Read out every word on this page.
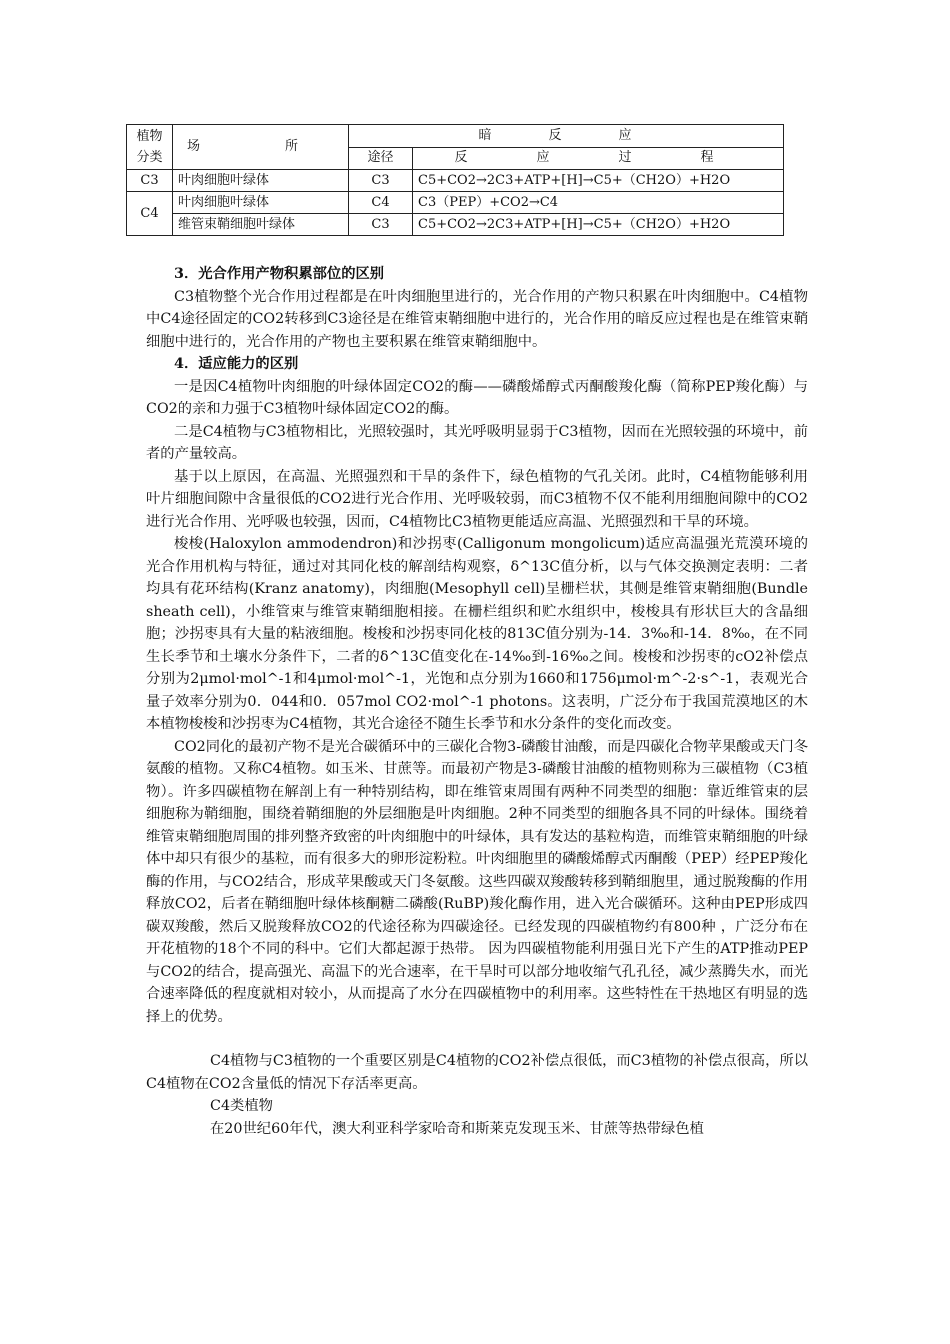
植物分类	场　所	暗　反　应	
		途径	反　应　过　程
C3	叶肉细胞叶绿体	C3	C5+CO2→2C3+ATP+[H]→C5+（CH2O）+H2O
C4	叶肉细胞叶绿体	C4	C3（PEP）+CO2→C4
	维管束鞘细胞叶绿体	C3	C5+CO2→2C3+ATP+[H]→C5+（CH2O）+H2O
3．光合作用产物积累部位的区别

C3植物整个光合作用过程都是在叶肉细胞里进行的，光合作用的产物只积累在叶肉细胞中。C4植物中C4途径固定的CO2转移到C3途径是在维管束鞘细胞中进行的，光合作用的暗反应过程也是在维管束鞘细胞中进行的，光合作用的产物也主要积累在维管束鞘细胞中。

4．适应能力的区别

一是因C4植物叶肉细胞的叶绿体固定CO2的酶——磷酸烯醇式丙酮酸羧化酶（简称PEP羧化酶）与CO2的亲和力强于C3植物叶绿体固定CO2的酶。

二是C4植物与C3植物相比，光照较强时，其光呼吸明显弱于C3植物，因而在光照较强的环境中，前者的产量较高。

基于以上原因，在高温、光照强烈和干旱的条件下，绿色植物的气孔关闭。此时，C4植物能够利用叶片细胞间隙中含量很低的CO2进行光合作用、光呼吸较弱，而C3植物不仅不能利用细胞间隙中的CO2进行光合作用、光呼吸也较强，因而，C4植物比C3植物更能适应高温、光照强烈和干旱的环境。

梭梭(Haloxylon ammodendron)和沙拐枣(Calligonum mongolicum)适应高温强光荒漠环境的光合作用机构与特征，通过对其同化枝的解剖结构观察，δ^13C值分析，以与气体交换测定表明：二者均具有花环结构(Kranz anatomy)，肉细胞(Mesophyll cell)呈栅栏状，其侧是维管束鞘细胞(Bundle sheath cell)，小维管束与维管束鞘细胞相接。在栅栏组织和贮水组织中，梭梭具有形状巨大的含晶细胞；沙拐枣具有大量的粘液细胞。梭梭和沙拐枣同化枝的813C值分别为-14．3‰和-14．8‰，在不同生长季节和土壤水分条件下，二者的δ^13C值变化在-14‰到-16‰之间。梭梭和沙拐枣的cO2补偿点分别为2μmol·mol^-1和4μmol·mol^-1，光饱和点分别为1660和1756μmol·m^-2·s^-1，表观光合量子效率分别为0．044和0．057mol CO2·mol^-1 photons。这表明，广泛分布于我国荒漠地区的木本植物梭梭和沙拐枣为C4植物，其光合途径不随生长季节和水分条件的变化而改变。

CO2同化的最初产物不是光合碳循环中的三碳化合物3-磷酸甘油酸，而是四碳化合物苹果酸或天门冬氨酸的植物。又称C4植物。如玉米、甘蔗等。而最初产物是3-磷酸甘油酸的植物则称为三碳植物（C3植物）。许多四碳植物在解剖上有一种特别结构，即在维管束周围有两种不同类型的细胞：靠近维管束的层细胞称为鞘细胞，围绕着鞘细胞的外层细胞是叶肉细胞。2种不同类型的细胞各具不同的叶绿体。围绕着维管束鞘细胞周围的排列整齐致密的叶肉细胞中的叶绿体，具有发达的基粒构造，而维管束鞘细胞的叶绿体中却只有很少的基粒，而有很多大的卵形淀粉粒。叶肉细胞里的磷酸烯醇式丙酮酸（PEP）经PEP羧化酶的作用，与CO2结合，形成苹果酸或天门冬氨酸。这些四碳双羧酸转移到鞘细胞里，通过脱羧酶的作用释放CO2，后者在鞘细胞叶绿体核酮糖二磷酸(RuBP)羧化酶作用，进入光合碳循环。这种由PEP形成四碳双羧酸，然后又脱羧释放CO2的代途径称为四碳途径。已经发现的四碳植物约有800种 ，广泛分布在开花植物的18个不同的科中。它们大都起源于热带。 因为四碳植物能利用强日光下产生的ATP推动PEP与CO2的结合，提高强光、高温下的光合速率，在干旱时可以部分地收缩气孔孔径，减少蒸腾失水，而光合速率降低的程度就相对较小，从而提高了水分在四碳植物中的利用率。这些特性在干热地区有明显的选择上的优势。

C4植物与C3植物的一个重要区别是C4植物的CO2补偿点很低，而C3植物的补偿点很高，所以C4植物在CO2含量低的情况下存活率更高。

C4类植物

在20世纪60年代，澳大利亚科学家哈奇和斯莱克发现玉米、甘蔗等热带绿色植
